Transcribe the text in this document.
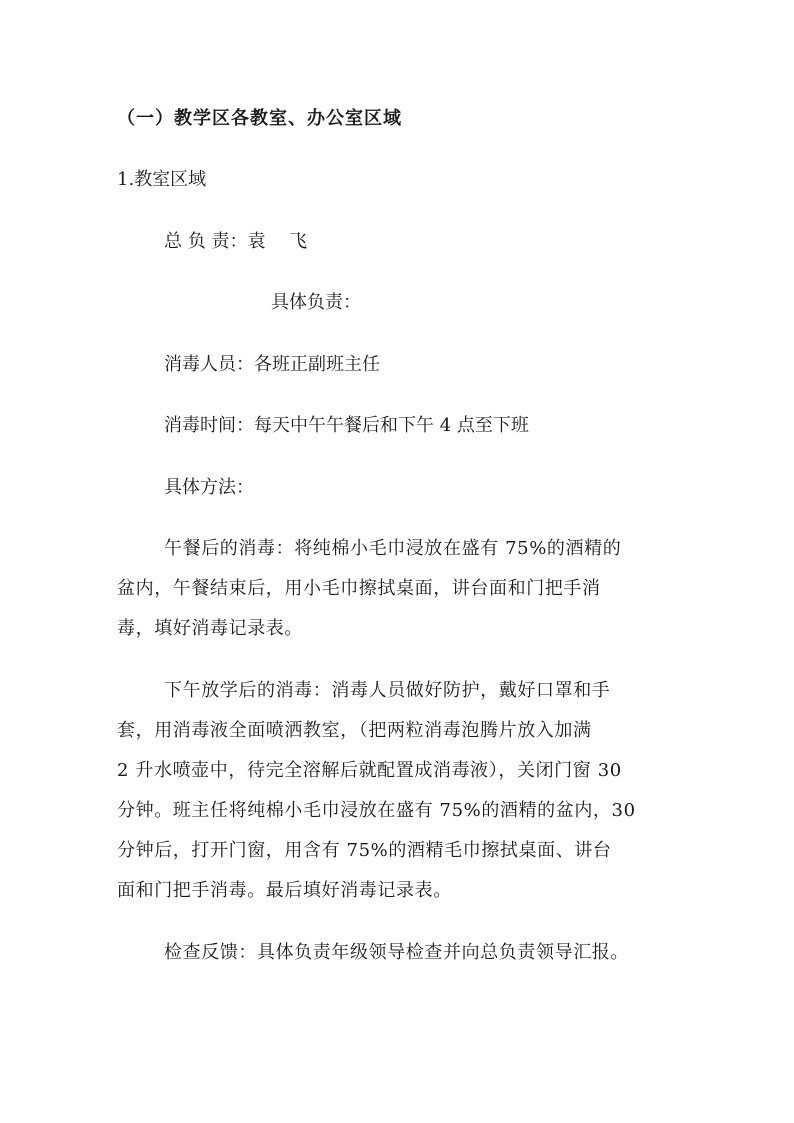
（一）教学区各教室、办公室区域
1.教室区域
总 负 责：袁　 飞
具体负责：
消毒人员：各班正副班主任
消毒时间：每天中午午餐后和下午 4 点至下班
具体方法：
午餐后的消毒：将纯棉小毛巾浸放在盛有 75%的酒精的
盆内，午餐结束后，用小毛巾擦拭桌面，讲台面和门把手消
毒，填好消毒记录表。
下午放学后的消毒：消毒人员做好防护，戴好口罩和手
套，用消毒液全面喷洒教室，（把两粒消毒泡腾片放入加满
2 升水喷壶中，待完全溶解后就配置成消毒液），关闭门窗 30
分钟。班主任将纯棉小毛巾浸放在盛有 75%的酒精的盆内，30
分钟后，打开门窗，用含有 75%的酒精毛巾擦拭桌面、讲台
面和门把手消毒。最后填好消毒记录表。
检查反馈：具体负责年级领导检查并向总负责领导汇报。
